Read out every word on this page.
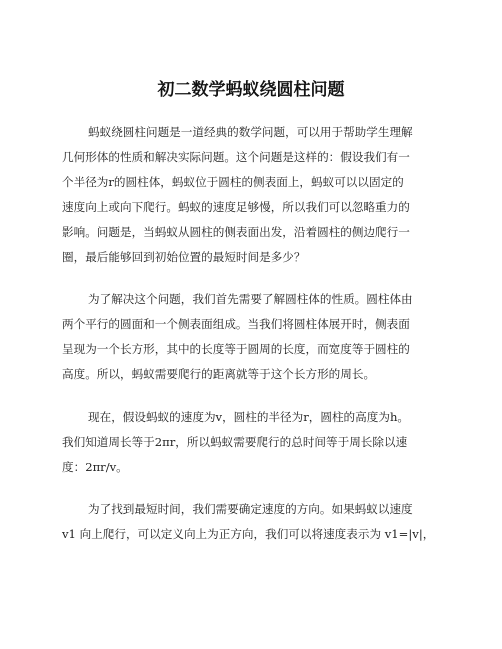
初二数学蚂蚁绕圆柱问题
蚂蚁绕圆柱问题是一道经典的数学问题，可以用于帮助学生理解
几何形体的性质和解决实际问题。这个问题是这样的：假设我们有一
个半径为r的圆柱体，蚂蚁位于圆柱的侧表面上，蚂蚁可以以固定的
速度向上或向下爬行。蚂蚁的速度足够慢，所以我们可以忽略重力的
影响。问题是，当蚂蚁从圆柱的侧表面出发，沿着圆柱的侧边爬行一
圈，最后能够回到初始位置的最短时间是多少？
为了解决这个问题，我们首先需要了解圆柱体的性质。圆柱体由
两个平行的圆面和一个侧表面组成。当我们将圆柱体展开时，侧表面
呈现为一个长方形，其中的长度等于圆周的长度，而宽度等于圆柱的
高度。所以，蚂蚁需要爬行的距离就等于这个长方形的周长。
现在，假设蚂蚁的速度为v，圆柱的半径为r，圆柱的高度为h。
我们知道周长等于2πr，所以蚂蚁需要爬行的总时间等于周长除以速
度：2πr/v。
为了找到最短时间，我们需要确定速度的方向。如果蚂蚁以速度
v1 向上爬行，可以定义向上为正方向，我们可以将速度表示为 v1=|v|，
